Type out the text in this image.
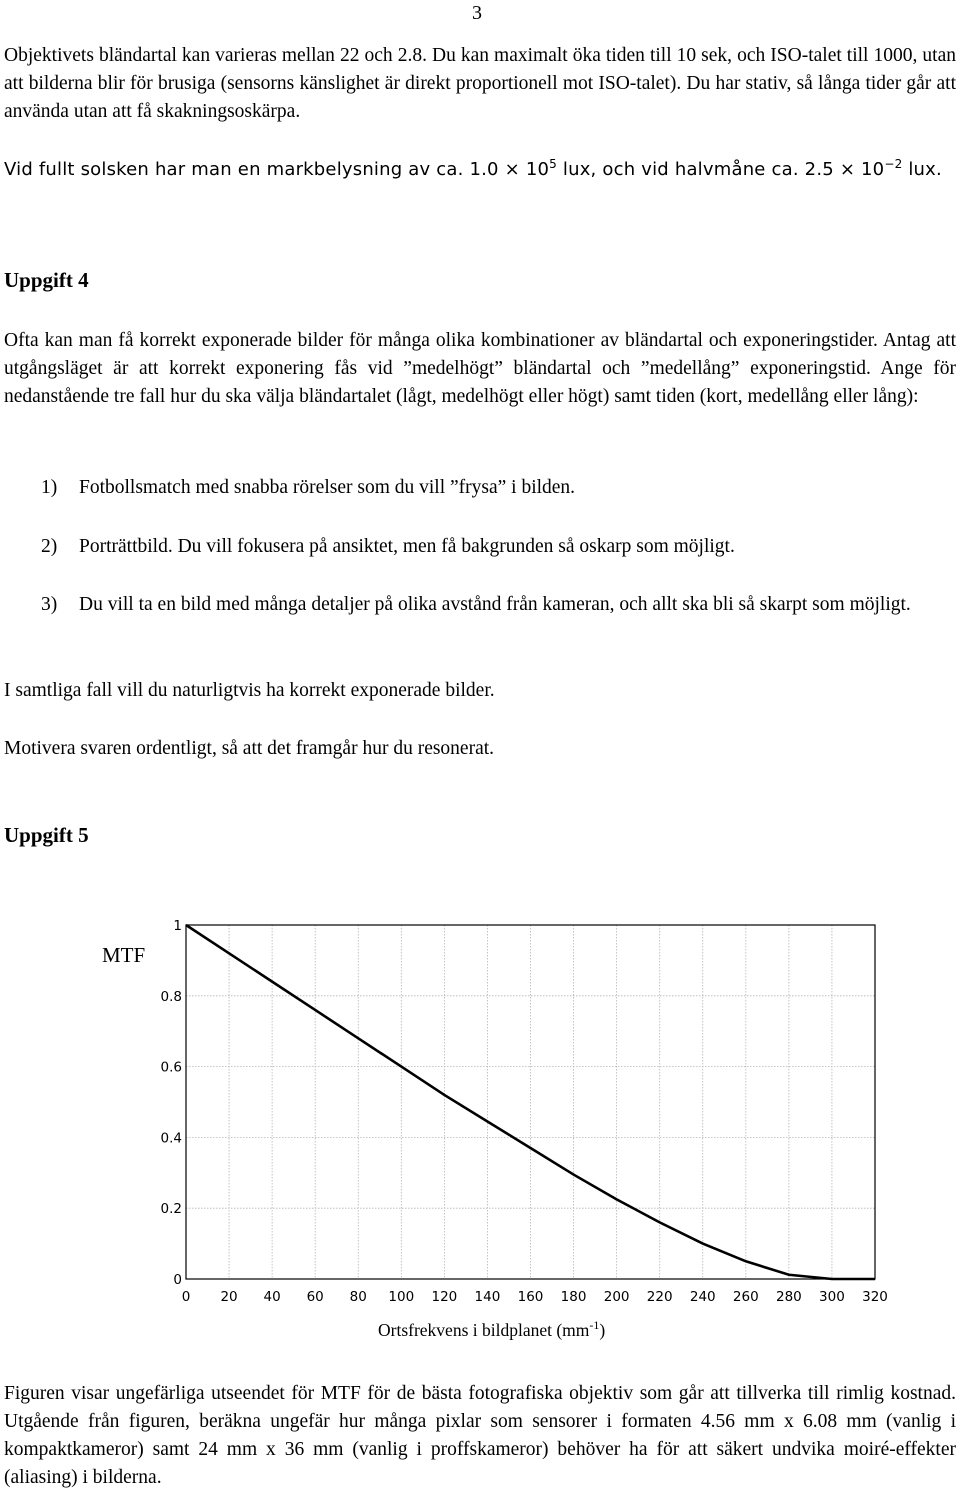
3

Objektivets bländartal kan varieras mellan 22 och 2.8. Du kan maximalt öka tiden till 10 sek, och ISO-talet till 1000, utan att bilderna blir för brusiga (sensorns känslighet är direkt proportionell mot ISO-talet). Du har stativ, så långa tider går att använda utan att få skakningsoskärpa.

Vid fullt solsken har man en markbelysning av ca. $1.0 \times 10^5$ lux, och vid halvmåne ca. $2.5 \times 10^{-2}$ lux.

Uppgift 4

Ofta kan man få korrekt exponerade bilder för många olika kombinationer av bländartal och exponeringstider. Antag att utgångsläget är att korrekt exponering fås vid ”medelhögt” bländartal och ”medellång” exponeringstid. Ange för nedanstående tre fall hur du ska välja bländartalet (lågt, medelhögt eller högt) samt tiden (kort, medellång eller lång):

1) Fotbollsmatch med snabba rörelser som du vill ”frysa” i bilden.
2) Porträttbild. Du vill fokusera på ansiktet, men få bakgrunden så oskarp som möjligt.
3) Du vill ta en bild med många detaljer på olika avstånd från kameran, och allt ska bli så skarpt som möjligt.

I samtliga fall vill du naturligtvis ha korrekt exponerade bilder.

Motivera svaren ordentligt, så att det framgår hur du resonerat.

Uppgift 5
MTF
0 20 40 60 80 100 120 140 160 180 200 220 240 260 280 300 320
0
0.2
0.4
0.6
0.8
1
Ortsfrekvens i bildplanet $(mm^{-1})$

Figuren visar ungefärliga utseendet för MTF för de bästa fotografiska objektiv som går att tillverka till rimlig kostnad. Utgående från figuren, beräkna ungefär hur många pixlar som sensorer i formaten 4.56 mm x 6.08 mm (vanlig i kompaktkameror) samt 24 mm x 36 mm (vanlig i proffskameror) behöver ha för att säkert undvika moiré-effekter (aliasing) i bilderna.
